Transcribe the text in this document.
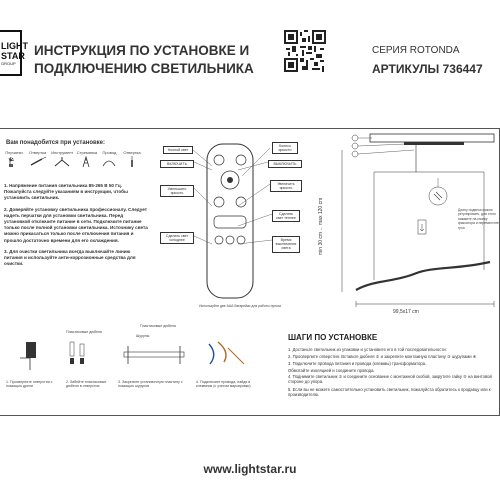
LIGHT
STAR
GROUP
ИНСТРУКЦИЯ ПО УСТАНОВКЕ И
ПОДКЛЮЧЕНИЮ СВЕТИЛЬНИКА
СЕРИЯ ROTONDA
АРТИКУЛЫ 736447
Вам понадобится при установке:
Перчатки	Отвертка	Инструмент Стремянка	Провод	Отвертка

1. Напряжение питания светильника 85-265 В 50 Гц. Пожалуйста следуйте указаниям в инструкции, чтобы установить светильник.

2. Доверяйте установку светильника профессионалу. Следует надеть перчатки для установки светильника. Перед установкой отключите питание в сети. Подключите питание только после полной установки светильника. Источнику света можно прикасаться только после отключения питания и прошло достаточно времени для его охлаждения.

3. Для очистки светильника всегда выключайте линию питания и используйте анти-коррозионные средства для очистки.

Ночной свет
ВКЛЮЧИТЬ
Уменьшить яркость
Сделать свет холоднее
Колесо яркости
ВЫКЛЮЧИТЬ
Увеличить яркость
Сделать свет теплее
Время выключения света
Используйте две ААА батарейки для работы пульта
min 30 cm ... max 120 cm
99,5x17 cm
Длину подвеса можно регулировать, для этого нажмите на кнопку фиксатора и переместите трос
Пластиковые дюбеля
Шурупы
Пластиковые дюбеля
1. Просверлите отверстия с помощью дрели
2. Забейте пластиковые дюбеля в отверстия
3. Закрепите установочную пластину с помощью шурупов
4. Подключите провода, найдя в клеммник (с учетом маркировки)
ШАГИ ПО УСТАНОВКЕ
1. Достаньте светильник из упаковки и установите его в той последовательности:
2. Просверлите отверстия. Вставьте дюбеля ② и закрепите монтажную пластину ③ шурупами ④
3. Подключите провода питания и провода (клеммы) трансформатора.
Обмотайте изоляцией и соедините провода.
4. Поднимите светильник ① и соедините основание с монтажной скобой, закрутите гайку ⑤ на винтовой стороне до упора.
5. Если вы не можете самостоятельно установить светильник, пожалуйста обратитесь к продавцу или к производителю.
www.lightstar.ru
